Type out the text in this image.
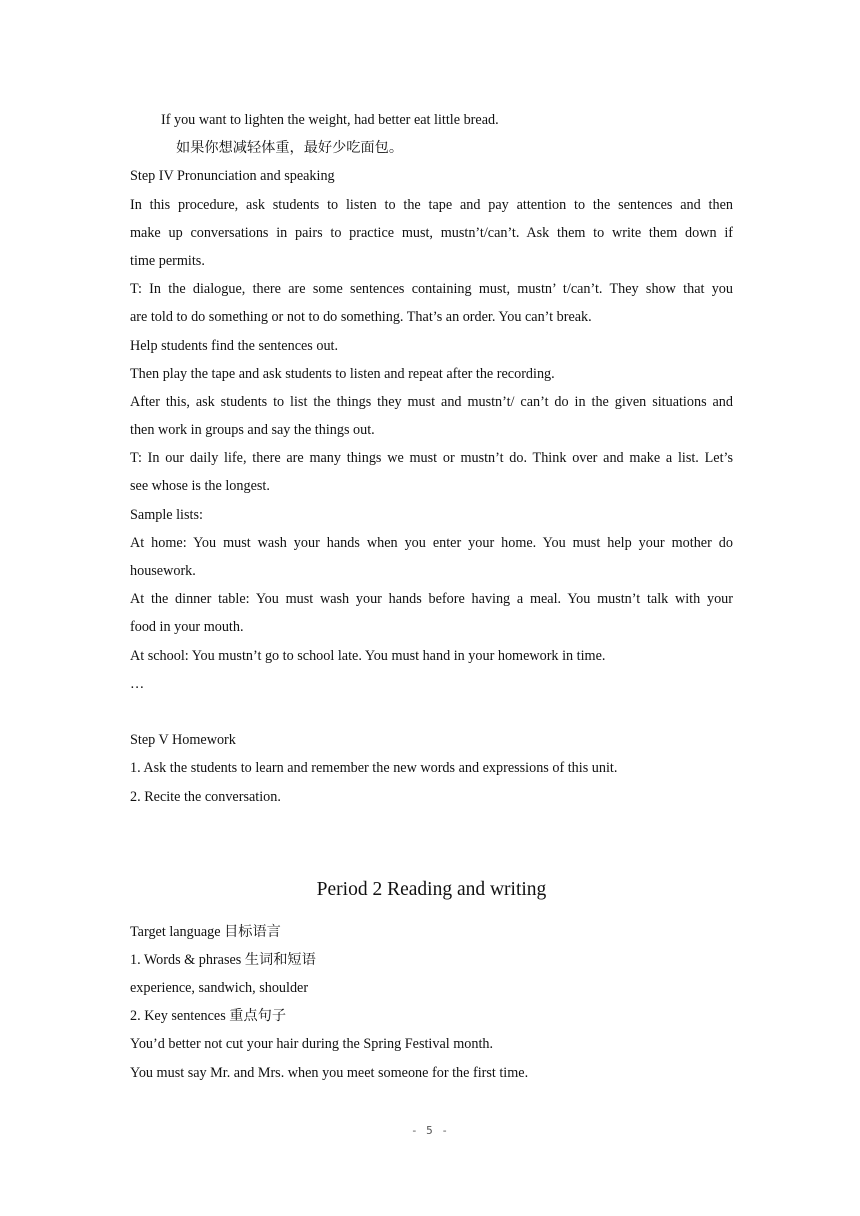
If you want to lighten the weight, had better eat little bread.
如果你想减轻体重，最好少吃面包。
Step IV Pronunciation and speaking
In this procedure, ask students to listen to the tape and pay attention to the sentences and then
make up conversations in pairs to practice must, mustn’t/can’t. Ask them to write them down if
time permits.
T: In the dialogue, there are some sentences containing must, mustn’ t/can’t. They show that you
are told to do something or not to do something. That’s an order. You can’t break.
Help students find the sentences out.
Then play the tape and ask students to listen and repeat after the recording.
After this, ask students to list the things they must and mustn’t/ can’t do in the given situations and
then work in groups and say the things out.
T: In our daily life, there are many things we must or mustn’t do. Think over and make a list. Let’s
see whose is the longest.
Sample lists:
At home: You must wash your hands when you enter your home. You must help your mother do
housework.
At the dinner table: You must wash your hands before having a meal. You mustn’t talk with your
food in your mouth.
At school: You mustn’t go to school late. You must hand in your homework in time.
…
Step V Homework
1. Ask the students to learn and remember the new words and expressions of this unit.
2. Recite the conversation.
Period 2 Reading and writing
Target language 目标语言
1. Words & phrases 生词和短语
experience, sandwich, shoulder
2. Key sentences 重点句子
You’d better not cut your hair during the Spring Festival month.
You must say Mr. and Mrs. when you meet someone for the first time.
- 5 -
